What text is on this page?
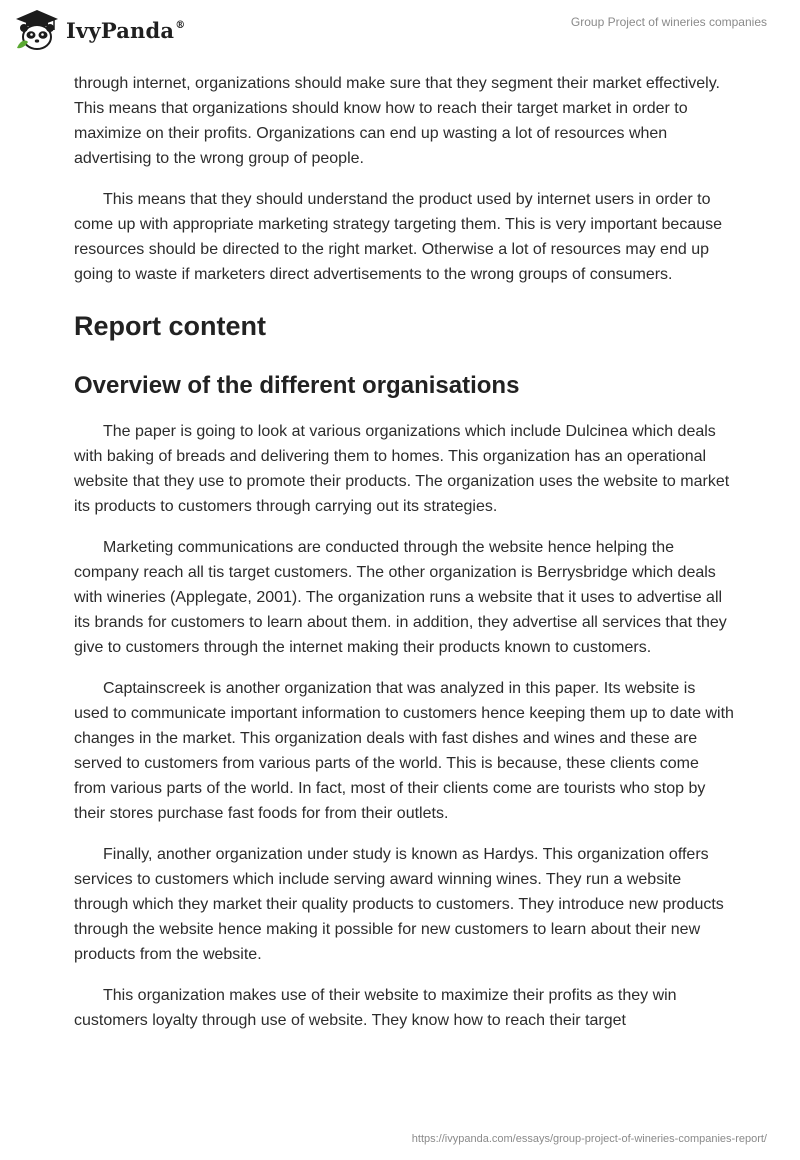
IvyPanda®	Group Project of wineries companies

through internet, organizations should make sure that they segment their market effectively. This means that organizations should know how to reach their target market in order to maximize on their profits. Organizations can end up wasting a lot of resources when advertising to the wrong group of people.

This means that they should understand the product used by internet users in order to come up with appropriate marketing strategy targeting them. This is very important because resources should be directed to the right market. Otherwise a lot of resources may end up going to waste if marketers direct advertisements to the wrong groups of consumers.

Report content
Overview of the different organisations

The paper is going to look at various organizations which include Dulcinea which deals with baking of breads and delivering them to homes. This organization has an operational website that they use to promote their products. The organization uses the website to market its products to customers through carrying out its strategies.

Marketing communications are conducted through the website hence helping the company reach all tis target customers. The other organization is Berrysbridge which deals with wineries (Applegate, 2001). The organization runs a website that it uses to advertise all its brands for customers to learn about them. in addition, they advertise all services that they give to customers through the internet making their products known to customers.

Captainscreek is another organization that was analyzed in this paper. Its website is used to communicate important information to customers hence keeping them up to date with changes in the market. This organization deals with fast dishes and wines and these are served to customers from various parts of the world. This is because, these clients come from various parts of the world. In fact, most of their clients come are tourists who stop by their stores purchase fast foods for from their outlets.

Finally, another organization under study is known as Hardys. This organization offers services to customers which include serving award winning wines. They run a website through which they market their quality products to customers. They introduce new products through the website hence making it possible for new customers to learn about their new products from the website.

This organization makes use of their website to maximize their profits as they win customers loyalty through use of website. They know how to reach their target

https://ivypanda.com/essays/group-project-of-wineries-companies-report/
